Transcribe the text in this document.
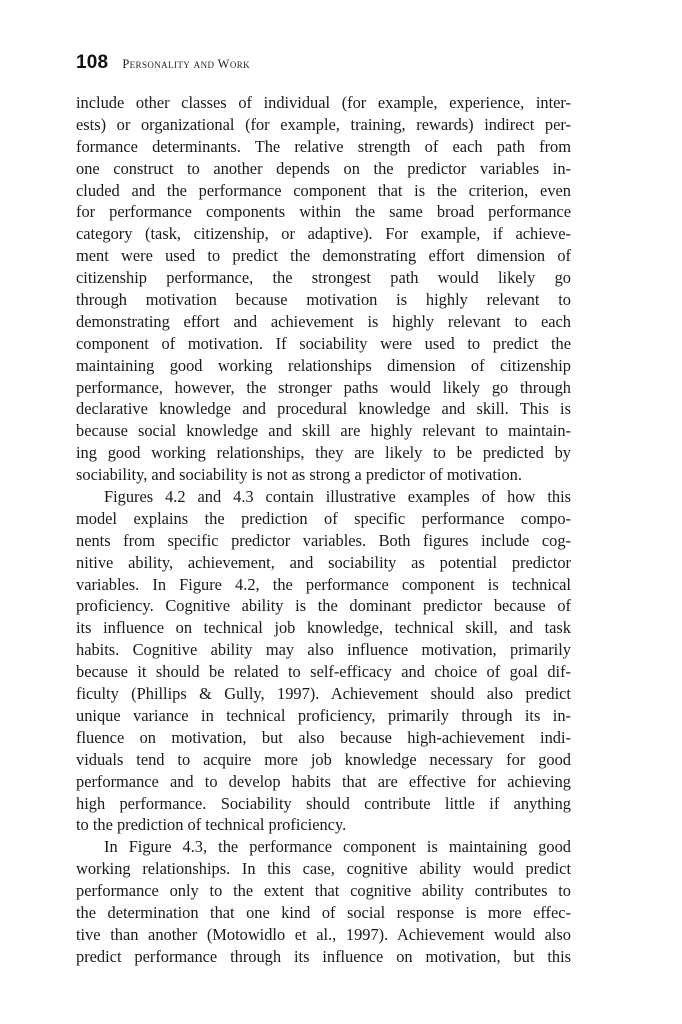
108 Personality and Work
include other classes of individual (for example, experience, inter-
ests) or organizational (for example, training, rewards) indirect per-
formance determinants. The relative strength of each path from
one construct to another depends on the predictor variables in-
cluded and the performance component that is the criterion, even
for performance components within the same broad performance
category (task, citizenship, or adaptive). For example, if achieve-
ment were used to predict the demonstrating effort dimension of
citizenship performance, the strongest path would likely go
through motivation because motivation is highly relevant to
demonstrating effort and achievement is highly relevant to each
component of motivation. If sociability were used to predict the
maintaining good working relationships dimension of citizenship
performance, however, the stronger paths would likely go through
declarative knowledge and procedural knowledge and skill. This is
because social knowledge and skill are highly relevant to maintain-
ing good working relationships, they are likely to be predicted by
sociability, and sociability is not as strong a predictor of motivation.
Figures 4.2 and 4.3 contain illustrative examples of how this
model explains the prediction of specific performance compo-
nents from specific predictor variables. Both figures include cog-
nitive ability, achievement, and sociability as potential predictor
variables. In Figure 4.2, the performance component is technical
proficiency. Cognitive ability is the dominant predictor because of
its influence on technical job knowledge, technical skill, and task
habits. Cognitive ability may also influence motivation, primarily
because it should be related to self-efficacy and choice of goal dif-
ficulty (Phillips & Gully, 1997). Achievement should also predict
unique variance in technical proficiency, primarily through its in-
fluence on motivation, but also because high-achievement indi-
viduals tend to acquire more job knowledge necessary for good
performance and to develop habits that are effective for achieving
high performance. Sociability should contribute little if anything
to the prediction of technical proficiency.
In Figure 4.3, the performance component is maintaining good
working relationships. In this case, cognitive ability would predict
performance only to the extent that cognitive ability contributes to
the determination that one kind of social response is more effec-
tive than another (Motowidlo et al., 1997). Achievement would also
predict performance through its influence on motivation, but this
